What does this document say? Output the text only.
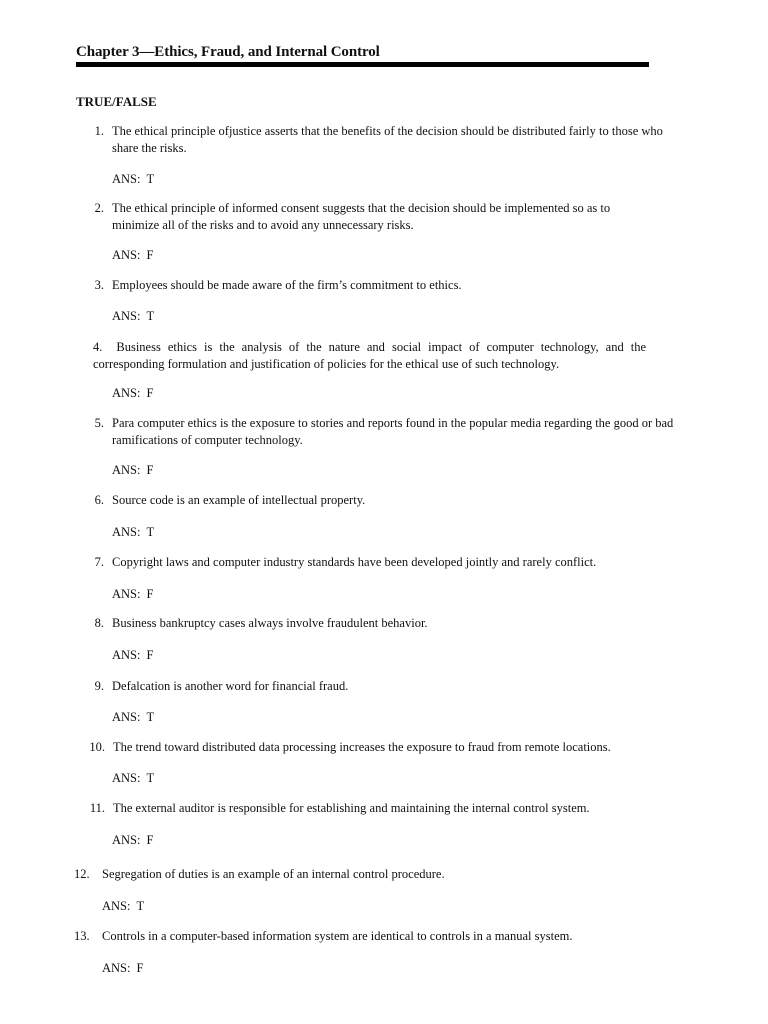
Chapter 3—Ethics, Fraud, and Internal Control
TRUE/FALSE
1. The ethical principle ofjustice asserts that the benefits of the decision should be distributed fairly to those who share the risks.
ANS: T
2. The ethical principle of informed consent suggests that the decision should be implemented so as to minimize all of the risks and to avoid any unnecessary risks.
ANS: F
3. Employees should be made aware of the firm’s commitment to ethics.
ANS: T
4. Business ethics is the analysis of the nature and social impact of computer technology, and the corresponding formulation and justification of policies for the ethical use of such technology.
ANS: F
5. Para computer ethics is the exposure to stories and reports found in the popular media regarding the good or bad ramifications of computer technology.
ANS: F
6. Source code is an example of intellectual property.
ANS: T
7. Copyright laws and computer industry standards have been developed jointly and rarely conflict.
ANS: F
8. Business bankruptcy cases always involve fraudulent behavior.
ANS: F
9. Defalcation is another word for financial fraud.
ANS: T
10. The trend toward distributed data processing increases the exposure to fraud from remote locations.
ANS: T
11. The external auditor is responsible for establishing and maintaining the internal control system.
ANS: F
12. Segregation of duties is an example of an internal control procedure.
ANS: T
13. Controls in a computer-based information system are identical to controls in a manual system.
ANS: F
